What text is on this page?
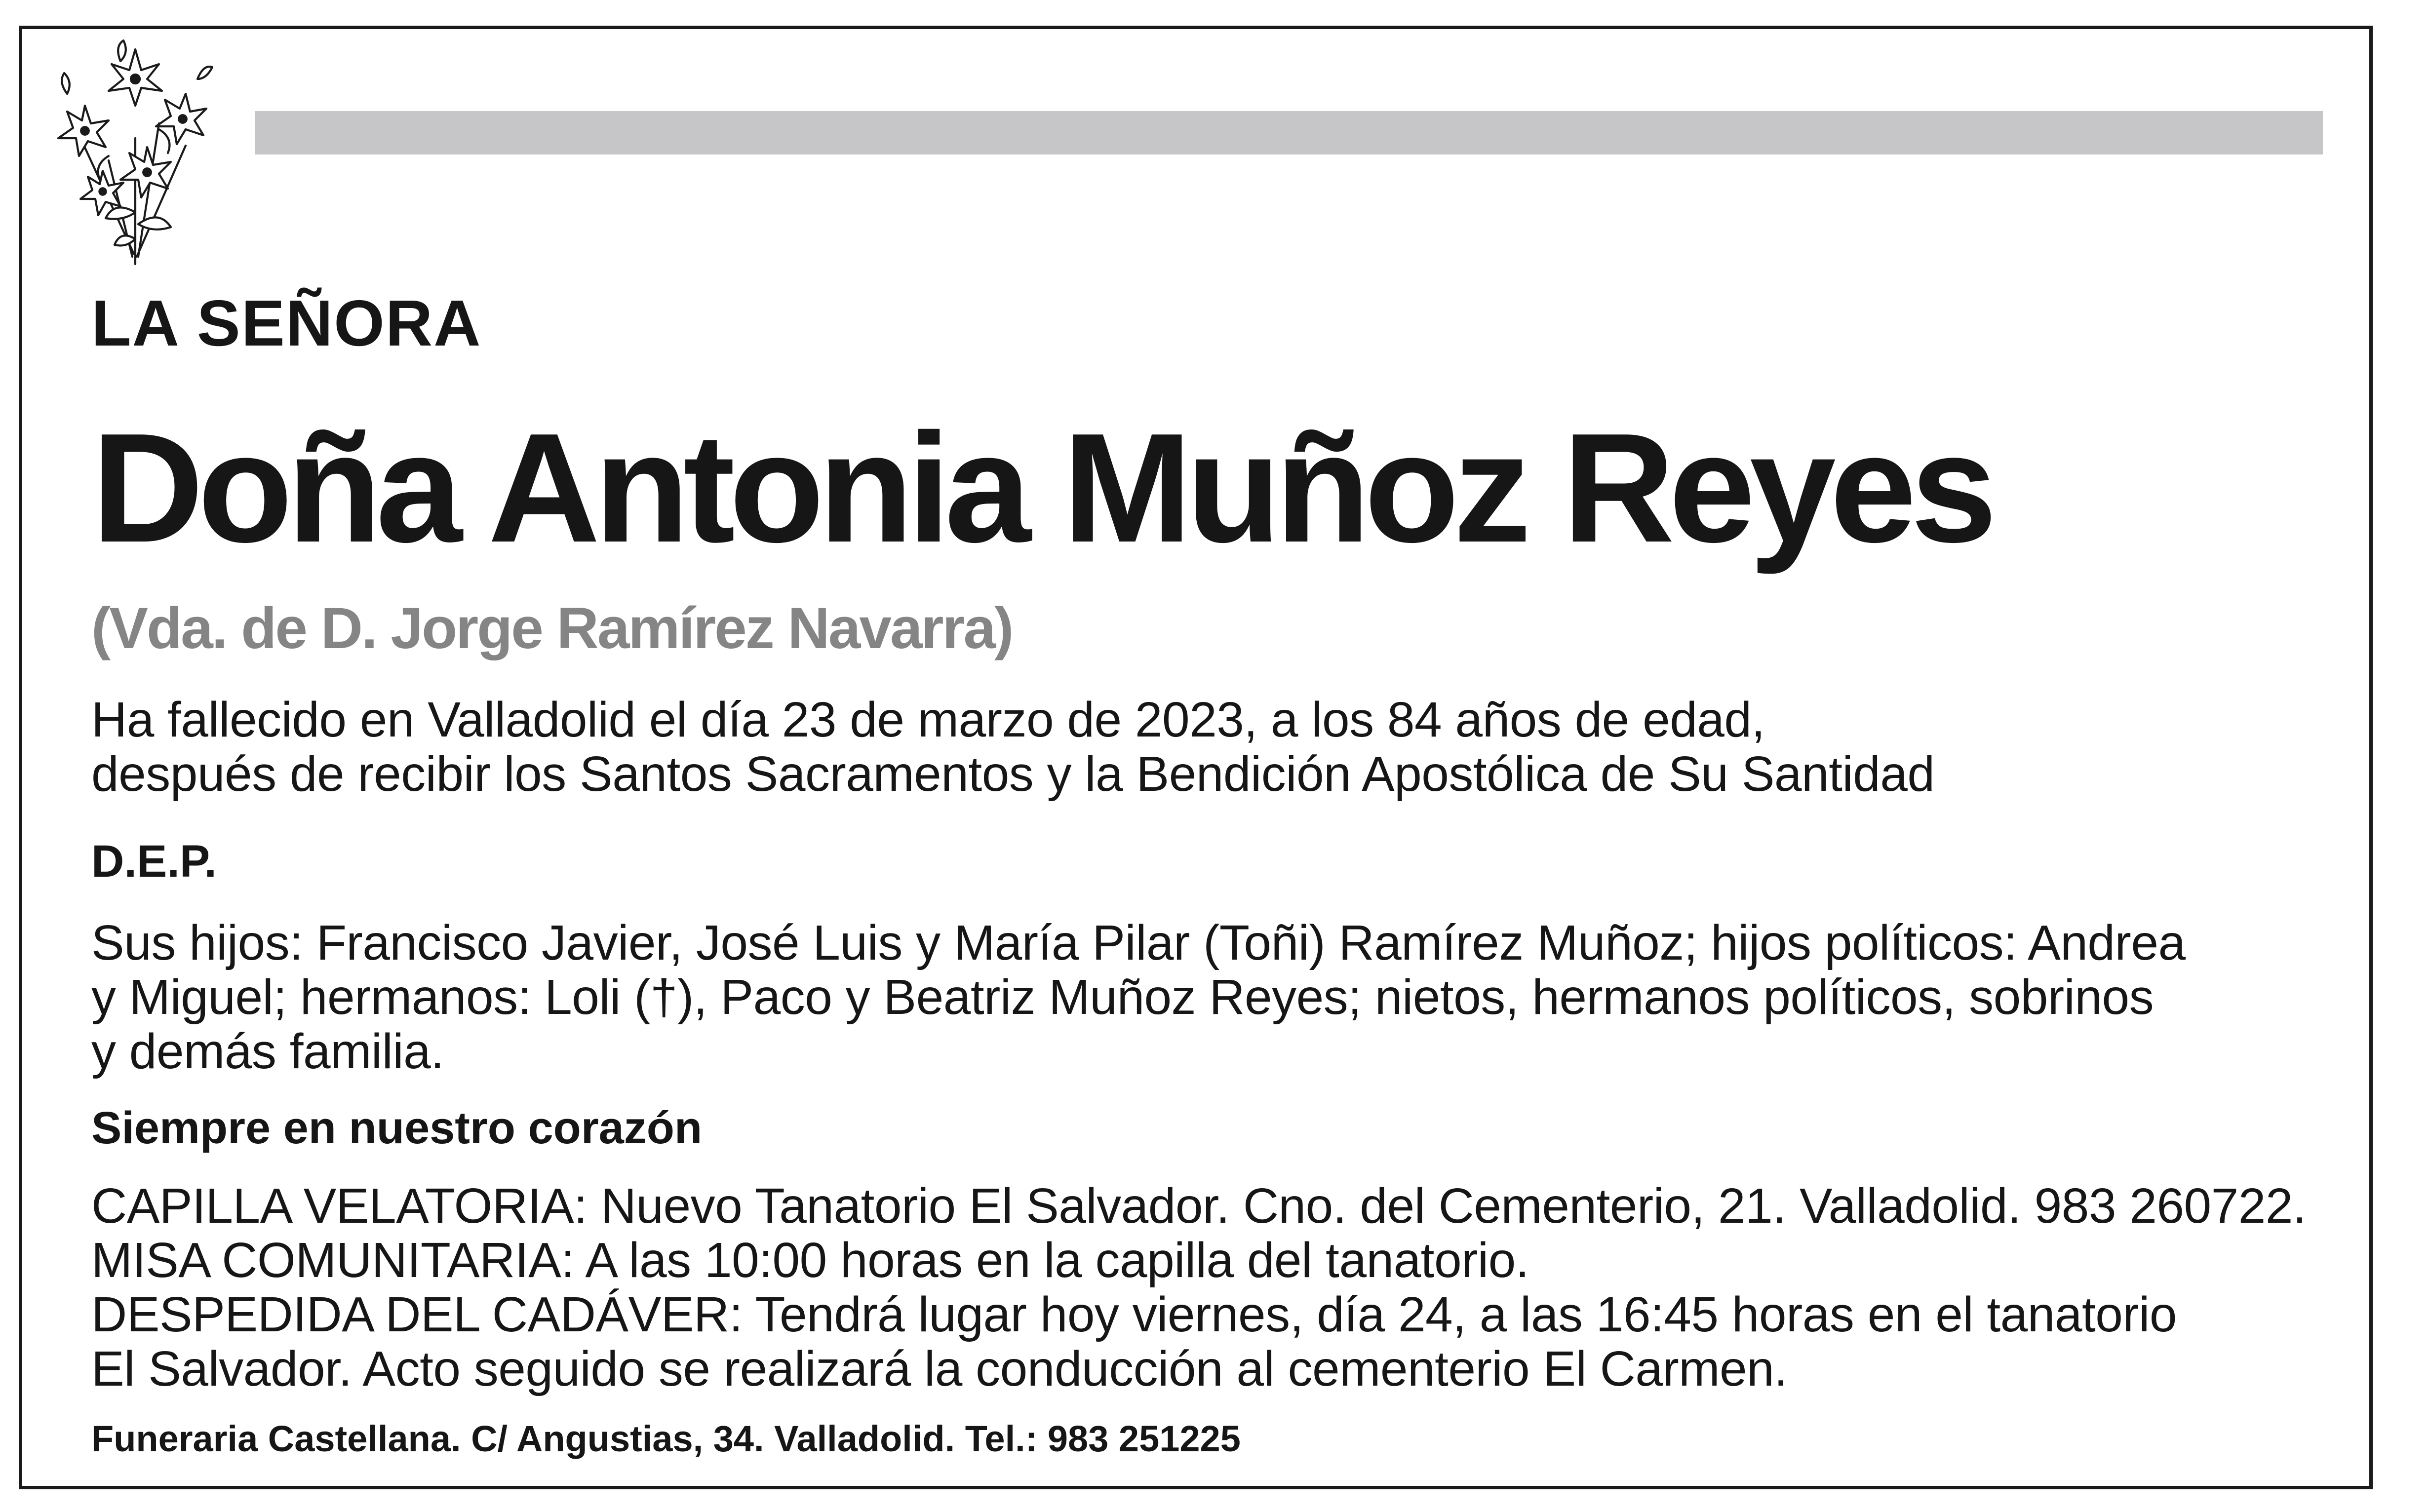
LA SEÑORA
Doña Antonia Muñoz Reyes
(Vda. de D. Jorge Ramírez Navarra)
Ha fallecido en Valladolid el día 23 de marzo de 2023, a los 84 años de edad,
después de recibir los Santos Sacramentos y la Bendición Apostólica de Su Santidad
D.E.P.
Sus hijos: Francisco Javier, José Luis y María Pilar (Toñi) Ramírez Muñoz; hijos políticos: Andrea
y Miguel; hermanos: Loli (†), Paco y Beatriz Muñoz Reyes; nietos, hermanos políticos, sobrinos
y demás familia.
Siempre en nuestro corazón
CAPILLA VELATORIA: Nuevo Tanatorio El Salvador. Cno. del Cementerio, 21. Valladolid. 983 260722.
MISA COMUNITARIA: A las 10:00 horas en la capilla del tanatorio.
DESPEDIDA DEL CADÁVER: Tendrá lugar hoy viernes, día 24, a las 16:45 horas en el tanatorio
El Salvador. Acto seguido se realizará la conducción al cementerio El Carmen.
Funeraria Castellana. C/ Angustias, 34. Valladolid. Tel.: 983 251225
